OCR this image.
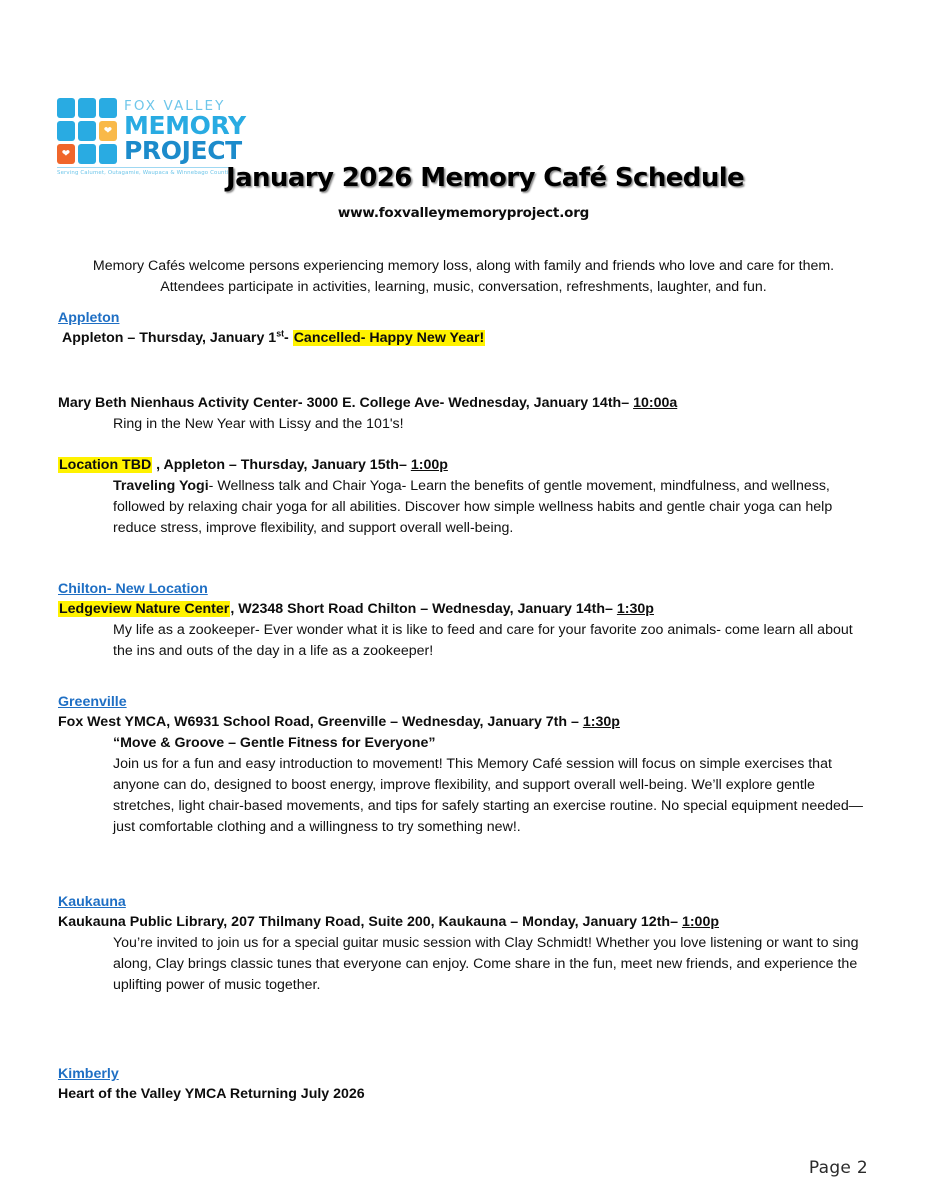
❤
❤
FOX VALLEY
MEMORY
PROJECT
Serving Calumet, Outagamie, Waupaca & Winnebago Counties
January 2026 Memory Café Schedule
www.foxvalleymemoryproject.org
Memory Cafés welcome persons experiencing memory loss, along with family and friends who love and care for them. Attendees participate in activities, learning, music, conversation, refreshments, laughter, and fun.
Appleton
Appleton – Thursday, January 1st- Cancelled- Happy New Year!
Mary Beth Nienhaus Activity Center- 3000 E. College Ave- Wednesday, January 14th– 10:00a
Ring in the New Year with Lissy and the 101's!
Location TBD , Appleton – Thursday, January 15th– 1:00p
Traveling Yogi- Wellness talk and Chair Yoga- Learn the benefits of gentle movement, mindfulness, and wellness, followed by relaxing chair yoga for all abilities. Discover how simple wellness habits and gentle chair yoga can help reduce stress, improve flexibility, and support overall well-being.
Chilton- New Location
Ledgeview Nature Center, W2348 Short Road Chilton – Wednesday, January 14th– 1:30p
My life as a zookeeper- Ever wonder what it is like to feed and care for your favorite zoo animals- come learn all about the ins and outs of the day in a life as a zookeeper!
Greenville
Fox West YMCA, W6931 School Road, Greenville – Wednesday, January 7th – 1:30p
“Move & Groove – Gentle Fitness for Everyone”
Join us for a fun and easy introduction to movement! This Memory Café session will focus on simple exercises that anyone can do, designed to boost energy, improve flexibility, and support overall well-being. We’ll explore gentle stretches, light chair-based movements, and tips for safely starting an exercise routine. No special equipment needed—just comfortable clothing and a willingness to try something new!.
Kaukauna
Kaukauna Public Library, 207 Thilmany Road, Suite 200, Kaukauna – Monday, January 12th– 1:00p
You’re invited to join us for a special guitar music session with Clay Schmidt! Whether you love listening or want to sing along, Clay brings classic tunes that everyone can enjoy. Come share in the fun, meet new friends, and experience the uplifting power of music together.
Kimberly
Heart of the Valley YMCA Returning July 2026
Page 2
